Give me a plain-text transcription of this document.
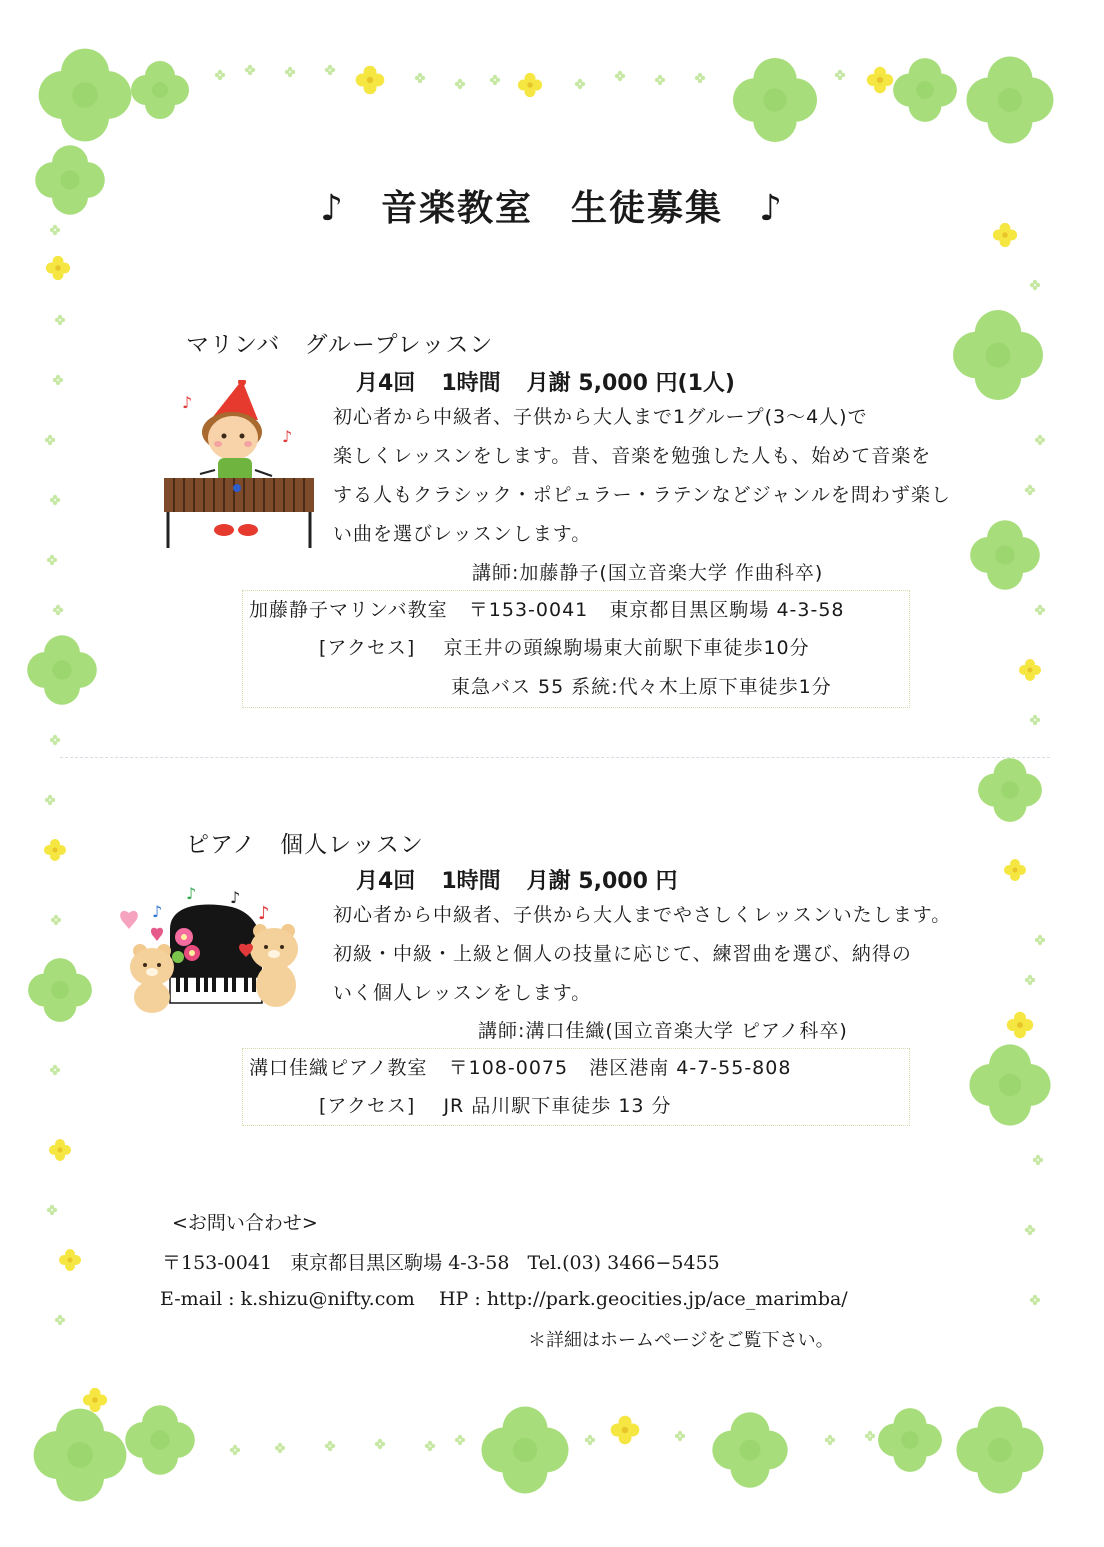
♪ 音楽教室　生徒募集 ♪
マリンバ　グループレッスン
月4回 1時間 月謝 5,000 円(1人)
♪
♪

初心者から中級者、子供から大人まで1グループ(3〜4人)で

楽しくレッスンをします。昔、音楽を勉強した人も、始めて音楽を

する人もクラシック・ポピュラー・ラテンなどジャンルを問わず楽し

い曲を選びレッスンします。

講師:加藤静子(国立音楽大学 作曲科卒)
加藤静子マリンバ教室 〒153-0041 東京都目黒区駒場 4-3-58
[アクセス] 京王井の頭線駒場東大前駅下車徒歩10分
東急バス 55 系統:代々木上原下車徒歩1分
ピアノ　個人レッスン
月4回 1時間 月謝 5,000 円
♪
♪ ♪
♪	初心者から中級者、子供から大人までやさしくレッスンいたします。

初級・中級・上級と個人の技量に応じて、練習曲を選び、納得の

いく個人レッスンをします。

講師:溝口佳織(国立音楽大学 ピアノ科卒)
溝口佳織ピアノ教室 〒108-0075 港区港南 4-7-55-808
[アクセス] JR 品川駅下車徒歩 13 分
<お問い合わせ>
〒153-0041 東京都目黒区駒場 4-3-58 Tel.(03) 3466−5455
E-mail : k.shizu@nifty.com HP : http://park.geocities.jp/ace_marimba/
＊詳細はホームページをご覧下さい。
